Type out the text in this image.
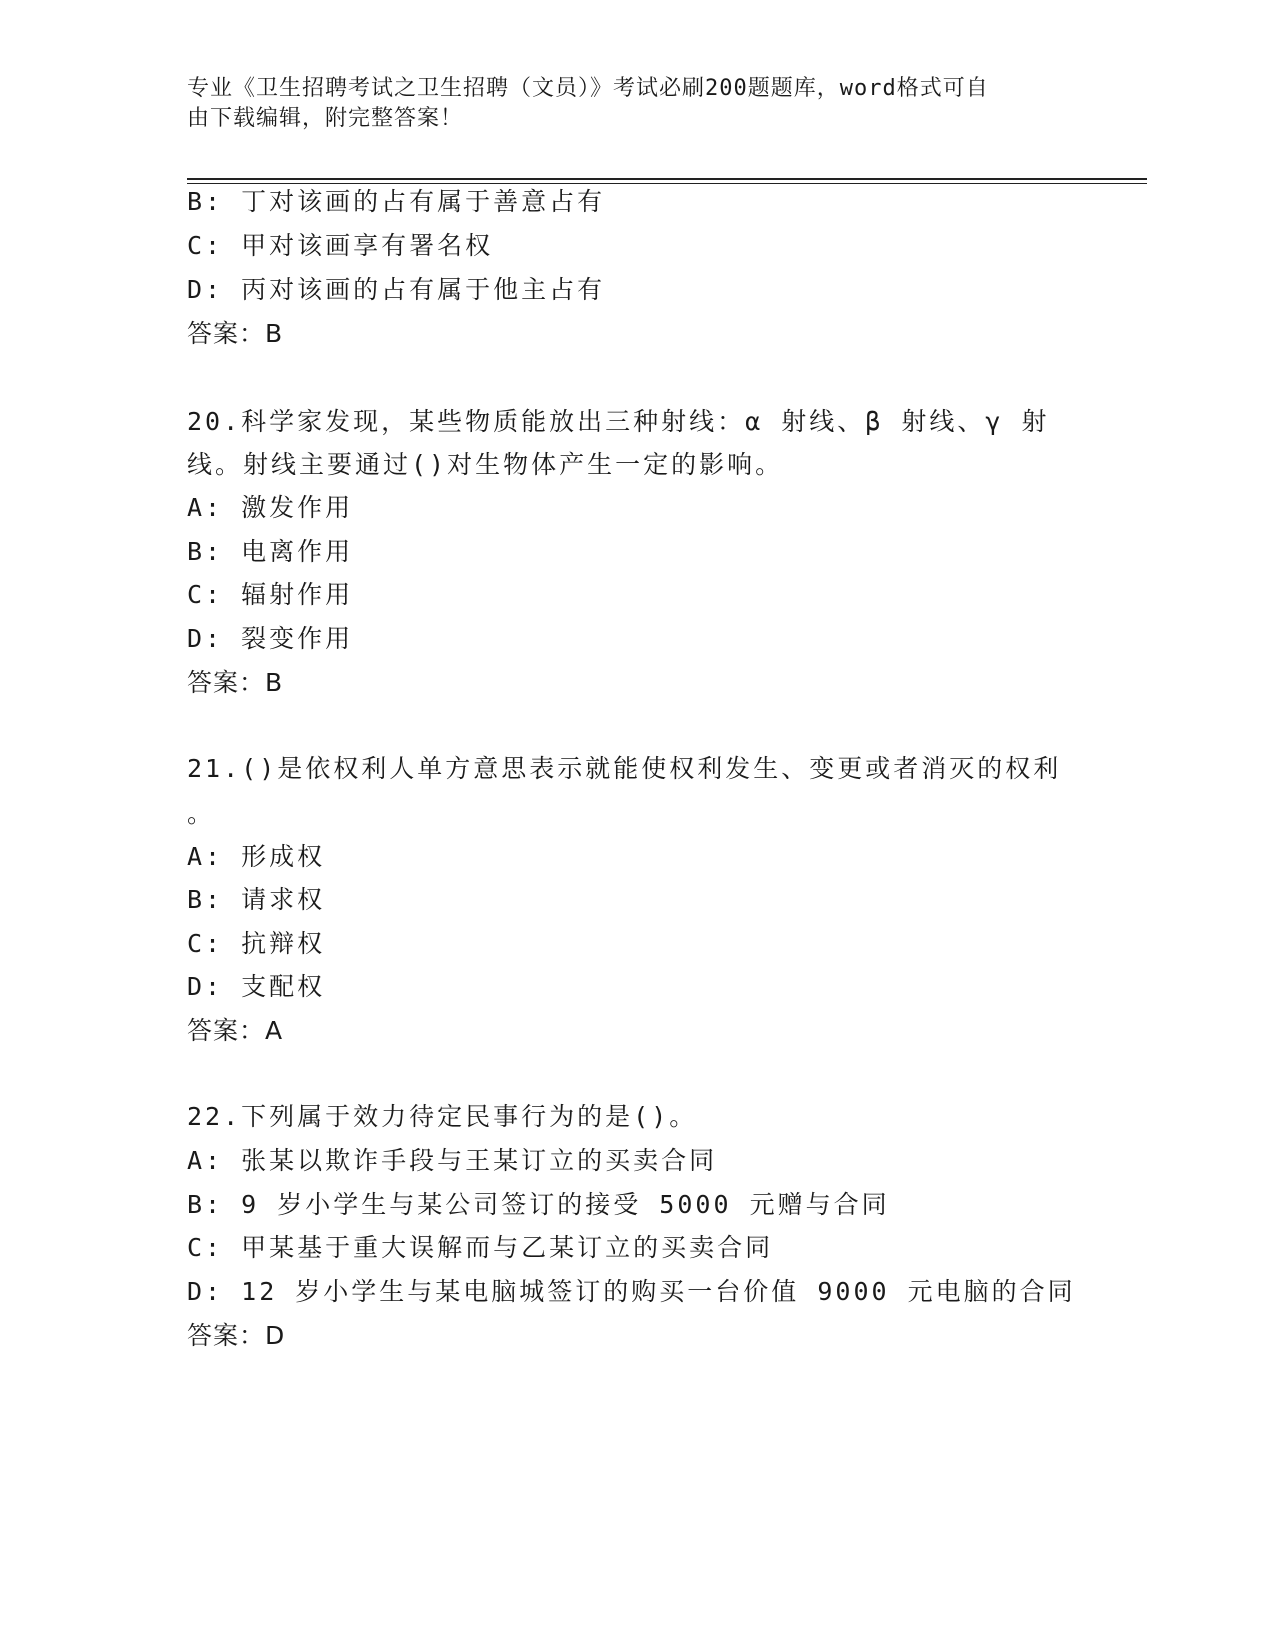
专业《卫生招聘考试之卫生招聘（文员）》考试必刷200题题库，word格式可自
由下载编辑，附完整答案！
B: 丁对该画的占有属于善意占有
C: 甲对该画享有署名权
D: 丙对该画的占有属于他主占有
答案：B
20.科学家发现，某些物质能放出三种射线：α 射线、β 射线、γ 射
线。射线主要通过()对生物体产生一定的影响。
A: 激发作用
B: 电离作用
C: 辐射作用
D: 裂变作用
答案：B
21.()是依权利人单方意思表示就能使权利发生、变更或者消灭的权利
。
A: 形成权
B: 请求权
C: 抗辩权
D: 支配权
答案：A
22.下列属于效力待定民事行为的是()。
A: 张某以欺诈手段与王某订立的买卖合同
B: 9 岁小学生与某公司签订的接受 5000 元赠与合同
C: 甲某基于重大误解而与乙某订立的买卖合同
D: 12 岁小学生与某电脑城签订的购买一台价值 9000 元电脑的合同
答案：D
